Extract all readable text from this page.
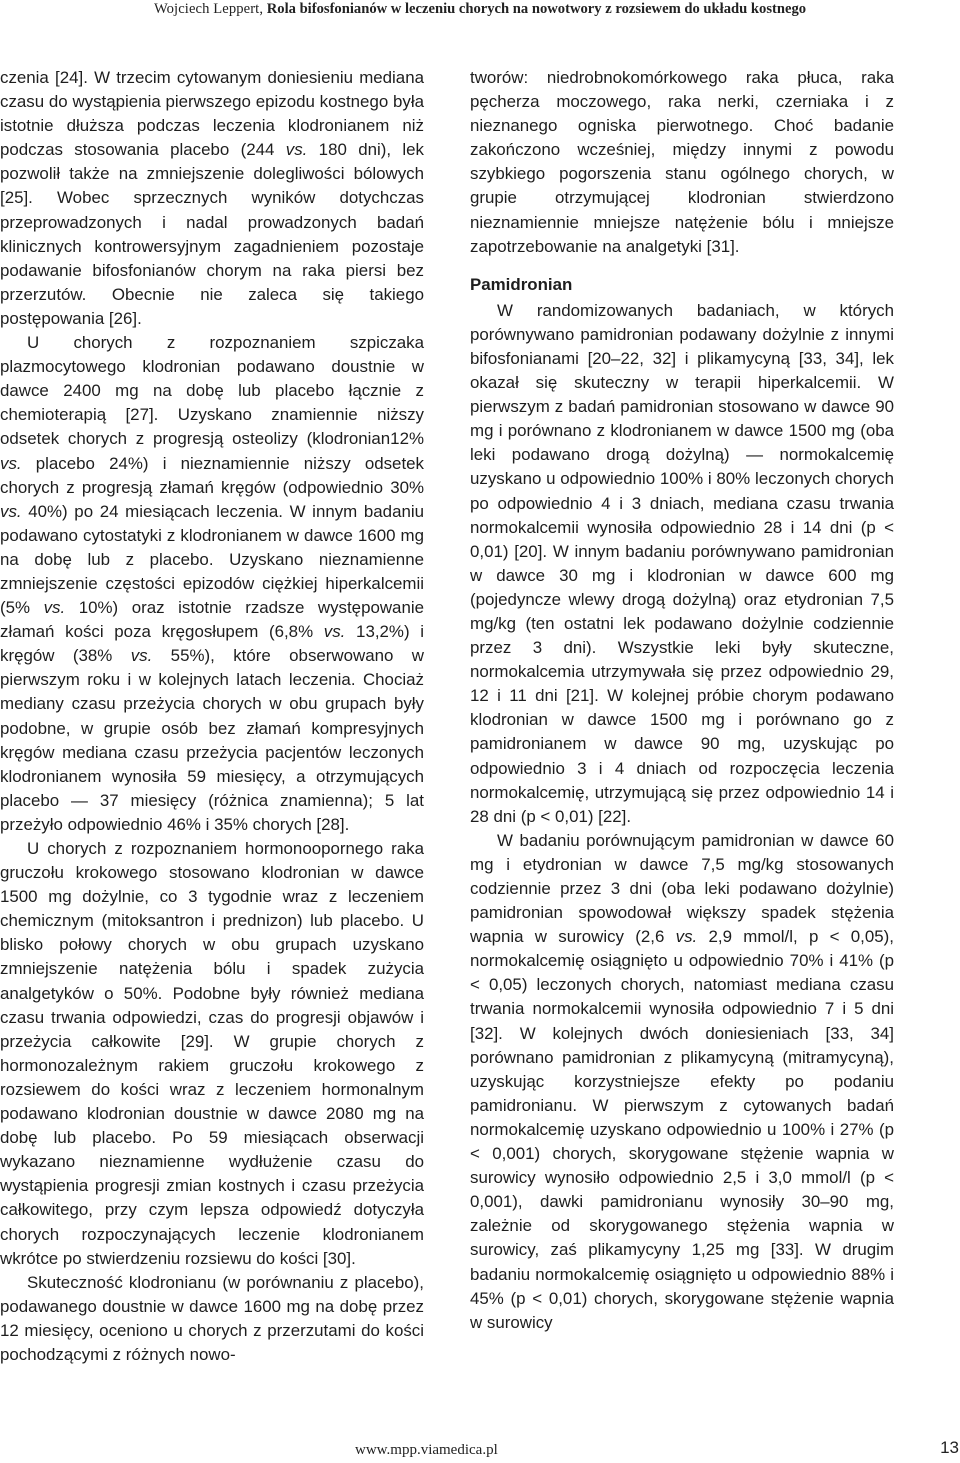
Wojciech Leppert, Rola bifosfonianów w leczeniu chorych na nowotwory z rozsiewem do układu kostnego

czenia [24]. W trzecim cytowanym doniesieniu mediana czasu do wystąpienia pierwszego epizodu kostnego była istotnie dłuższa podczas leczenia klodronianem niż podczas stosowania placebo (244 vs. 180 dni), lek pozwolił także na zmniejszenie dolegliwości bólowych [25]. Wobec sprzecznych wyników dotychczas przeprowadzonych i nadal prowadzonych badań klinicznych kontrowersyjnym zagadnieniem pozostaje podawanie bifosfonianów chorym na raka piersi bez przerzutów. Obecnie nie zaleca się takiego postępowania [26].

U chorych z rozpoznaniem szpiczaka plazmocytowego klodronian podawano doustnie w dawce 2400 mg na dobę lub placebo łącznie z chemioterapią [27]. Uzyskano znamiennie niższy odsetek chorych z progresją osteolizy (klodronian12% vs. placebo 24%) i nieznamiennie niższy odsetek chorych z progresją złamań kręgów (odpowiednio 30% vs. 40%) po 24 miesiącach leczenia. W innym badaniu podawano cytostatyki z klodronianem w dawce 1600 mg na dobę lub z placebo. Uzyskano nieznamienne zmniejszenie częstości epizodów ciężkiej hiperkalcemii (5% vs. 10%) oraz istotnie rzadsze występowanie złamań kości poza kręgosłupem (6,8% vs. 13,2%) i kręgów (38% vs. 55%), które obserwowano w pierwszym roku i w kolejnych latach leczenia. Chociaż mediany czasu przeżycia chorych w obu grupach były podobne, w grupie osób bez złamań kompresyjnych kręgów mediana czasu przeżycia pacjentów leczonych klodronianem wynosiła 59 miesięcy, a otrzymujących placebo — 37 miesięcy (różnica znamienna); 5 lat przeżyło odpowiednio 46% i 35% chorych [28].

U chorych z rozpoznaniem hormonoopornego raka gruczołu krokowego stosowano klodronian w dawce 1500 mg dożylnie, co 3 tygodnie wraz z leczeniem chemicznym (mitoksantron i prednizon) lub placebo. U blisko połowy chorych w obu grupach uzyskano zmniejszenie natężenia bólu i spadek zużycia analgetyków o 50%. Podobne były również mediana czasu trwania odpowiedzi, czas do progresji objawów i przeżycia całkowite [29]. W grupie chorych z hormonozależnym rakiem gruczołu krokowego z rozsiewem do kości wraz z leczeniem hormonalnym podawano klodronian doustnie w dawce 2080 mg na dobę lub placebo. Po 59 miesiącach obserwacji wykazano nieznamienne wydłużenie czasu do wystąpienia progresji zmian kostnych i czasu przeżycia całkowitego, przy czym lepsza odpowiedź dotyczyła chorych rozpoczynających leczenie klodronianem wkrótce po stwierdzeniu rozsiewu do kości [30].

Skuteczność klodronianu (w porównaniu z placebo), podawanego doustnie w dawce 1600 mg na dobę przez 12 miesięcy, oceniono u chorych z przerzutami do kości pochodzącymi z różnych nowo-

tworów: niedrobnokomórkowego raka płuca, raka pęcherza moczowego, raka nerki, czerniaka i z nieznanego ogniska pierwotnego. Choć badanie zakończono wcześniej, między innymi z powodu szybkiego pogorszenia stanu ogólnego chorych, w grupie otrzymującej klodronian stwierdzono nieznamiennie mniejsze natężenie bólu i mniejsze zapotrzebowanie na analgetyki [31].

Pamidronian

W randomizowanych badaniach, w których porównywano pamidronian podawany dożylnie z innymi bifosfonianami [20–22, 32] i plikamycyną [33, 34], lek okazał się skuteczny w terapii hiperkalcemii. W pierwszym z badań pamidronian stosowano w dawce 90 mg i porównano z klodronianem w dawce 1500 mg (oba leki podawano drogą dożylną) — normokalcemię uzyskano u odpowiednio 100% i 80% leczonych chorych po odpowiednio 4 i 3 dniach, mediana czasu trwania normokalcemii wynosiła odpowiednio 28 i 14 dni (p < 0,01) [20]. W innym badaniu porównywano pamidronian w dawce 30 mg i klodronian w dawce 600 mg (pojedyncze wlewy drogą dożylną) oraz etydronian 7,5 mg/kg (ten ostatni lek podawano dożylnie codziennie przez 3 dni). Wszystkie leki były skuteczne, normokalcemia utrzymywała się przez odpowiednio 29, 12 i 11 dni [21]. W kolejnej próbie chorym podawano klodronian w dawce 1500 mg i porównano go z pamidronianem w dawce 90 mg, uzyskując po odpowiednio 3 i 4 dniach od rozpoczęcia leczenia normokalcemię, utrzymującą się przez odpowiednio 14 i 28 dni (p < 0,01) [22].

W badaniu porównującym pamidronian w dawce 60 mg i etydronian w dawce 7,5 mg/kg stosowanych codziennie przez 3 dni (oba leki podawano dożylnie) pamidronian spowodował większy spadek stężenia wapnia w surowicy (2,6 vs. 2,9 mmol/l, p < 0,05), normokalcemię osiągnięto u odpowiednio 70% i 41% (p < 0,05) leczonych chorych, natomiast mediana czasu trwania normokalcemii wynosiła odpowiednio 7 i 5 dni [32]. W kolejnych dwóch doniesieniach [33, 34] porównano pamidronian z plikamycyną (mitramycyną), uzyskując korzystniejsze efekty po podaniu pamidronianu. W pierwszym z cytowanych badań normokalcemię uzyskano odpowiednio u 100% i 27% (p < 0,001) chorych, skorygowane stężenie wapnia w surowicy wynosiło odpowiednio 2,5 i 3,0 mmol/l (p < 0,001), dawki pamidronianu wynosiły 30–90 mg, zależnie od skorygowanego stężenia wapnia w surowicy, zaś plikamycyny 1,25 mg [33]. W drugim badaniu normokalcemię osiągnięto u odpowiednio 88% i 45% (p < 0,01) chorych, skorygowane stężenie wapnia w surowicy

www.mpp.viamedica.pl	13
